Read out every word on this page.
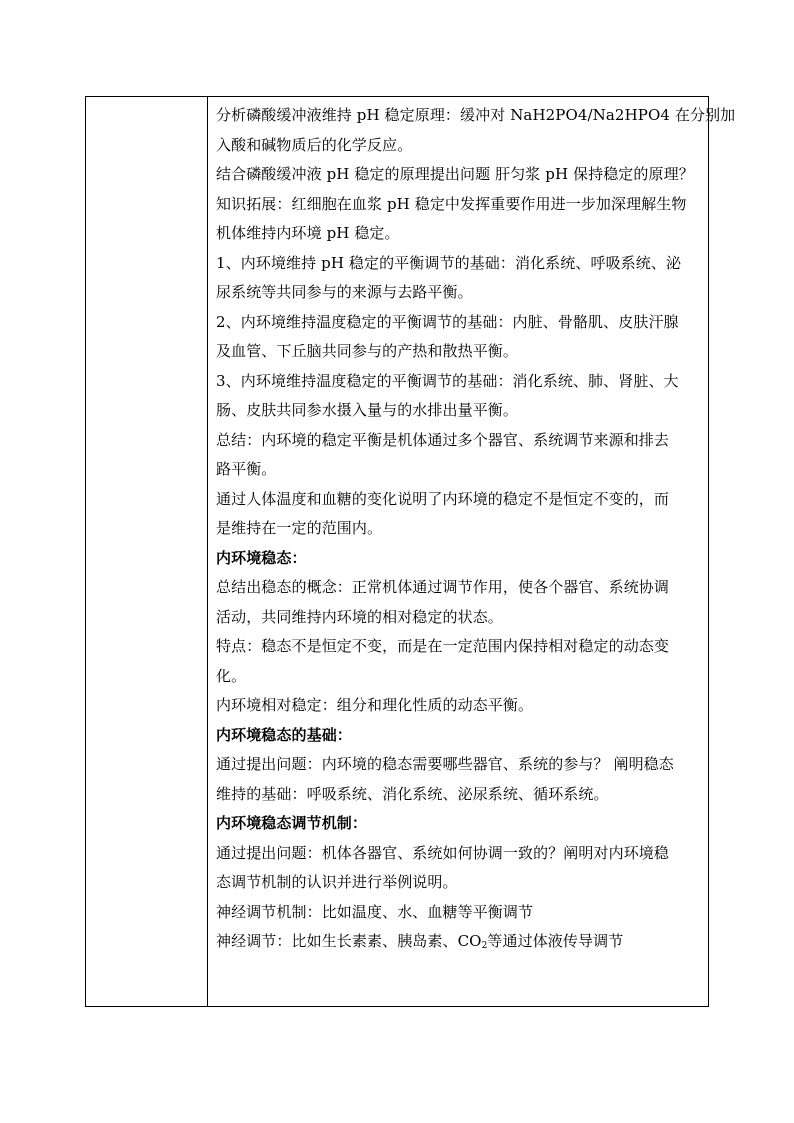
分析磷酸缓冲液维持 pH 稳定原理：缓冲对 NaH2PO4/Na2HPO4 在分别加

入酸和碱物质后的化学反应。

结合磷酸缓冲液 pH 稳定的原理提出问题 肝匀浆 pH 保持稳定的原理？

知识拓展：红细胞在血浆 pH 稳定中发挥重要作用进一步加深理解生物

机体维持内环境 pH 稳定。

1、内环境维持 pH 稳定的平衡调节的基础：消化系统、呼吸系统、泌

尿系统等共同参与的来源与去路平衡。

2、内环境维持温度稳定的平衡调节的基础：内脏、骨骼肌、皮肤汗腺

及血管、下丘脑共同参与的产热和散热平衡。

3、内环境维持温度稳定的平衡调节的基础：消化系统、肺、肾脏、大

肠、皮肤共同参水摄入量与的水排出量平衡。

总结：内环境的稳定平衡是机体通过多个器官、系统调节来源和排去

路平衡。

通过人体温度和血糖的变化说明了内环境的稳定不是恒定不变的，而

是维持在一定的范围内。

内环境稳态：

总结出稳态的概念：正常机体通过调节作用，使各个器官、系统协调

活动，共同维持内环境的相对稳定的状态。

特点：稳态不是恒定不变，而是在一定范围内保持相对稳定的动态变

化。

内环境相对稳定：组分和理化性质的动态平衡。

内环境稳态的基础：

通过提出问题：内环境的稳态需要哪些器官、系统的参与？ 阐明稳态

维持的基础：呼吸系统、消化系统、泌尿系统、循环系统。

内环境稳态调节机制：

通过提出问题：机体各器官、系统如何协调一致的？阐明对内环境稳

态调节机制的认识并进行举例说明。

神经调节机制：比如温度、水、血糖等平衡调节

神经调节：比如生长素素、胰岛素、$CO_2$等通过体液传导调节
